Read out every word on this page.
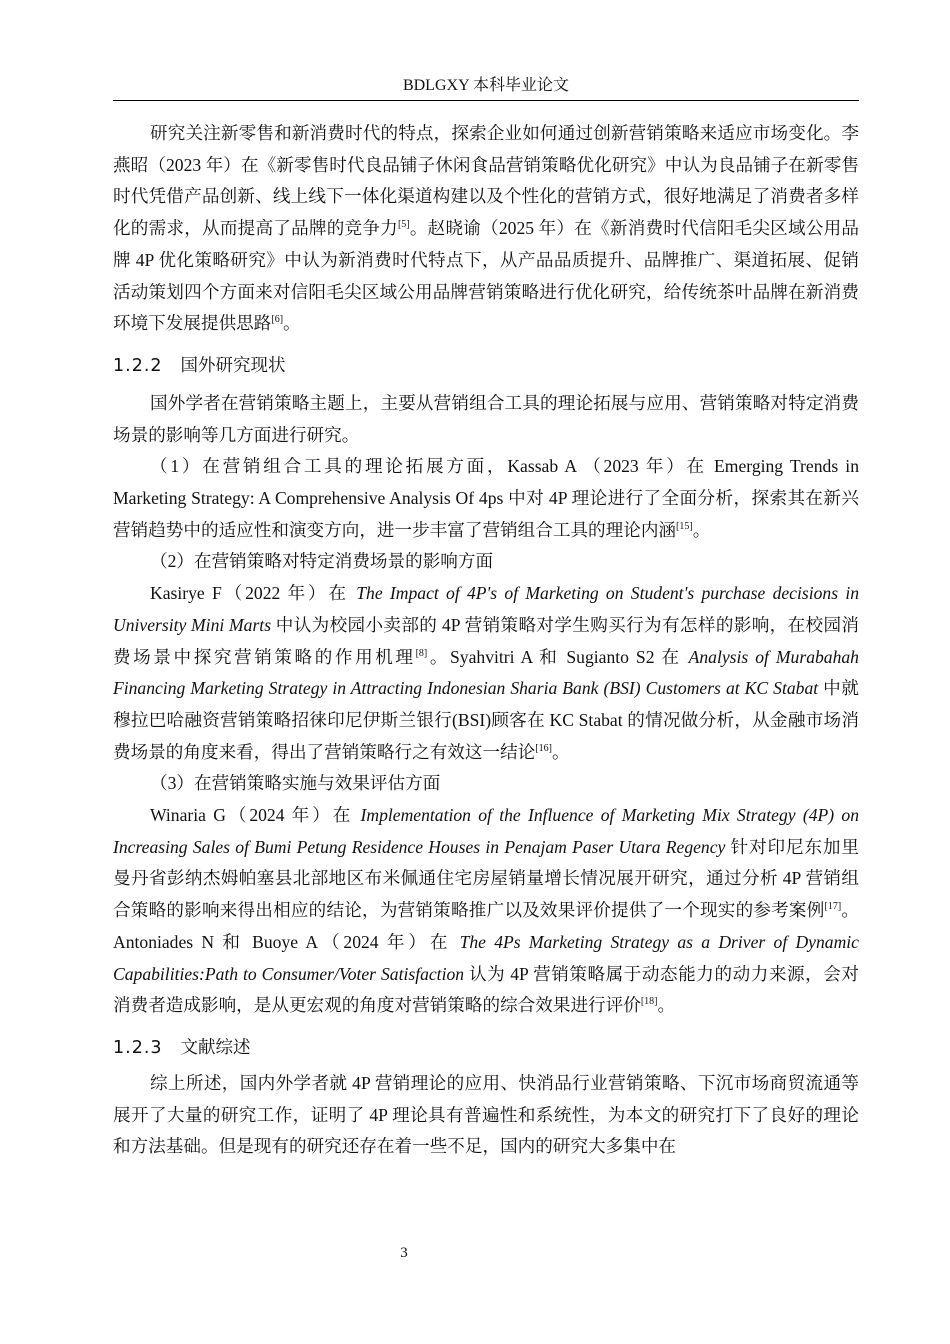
BDLGXY 本科毕业论文

研究关注新零售和新消费时代的特点，探索企业如何通过创新营销策略来适应市场变化。李燕昭（2023 年）在《新零售时代良品铺子休闲食品营销策略优化研究》中认为良品铺子在新零售时代凭借产品创新、线上线下一体化渠道构建以及个性化的营销方式，很好地满足了消费者多样化的需求，从而提高了品牌的竞争力[5]。赵晓谕（2025 年）在《新消费时代信阳毛尖区域公用品牌 4P 优化策略研究》中认为新消费时代特点下，从产品品质提升、品牌推广、渠道拓展、促销活动策划四个方面来对信阳毛尖区域公用品牌营销策略进行优化研究，给传统茶叶品牌在新消费环境下发展提供思路[6]。

1.2.2 国外研究现状

国外学者在营销策略主题上，主要从营销组合工具的理论拓展与应用、营销策略对特定消费场景的影响等几方面进行研究。

（1）在营销组合工具的理论拓展方面，Kassab A （2023 年）在 Emerging Trends in Marketing Strategy: A Comprehensive Analysis Of 4ps 中对 4P 理论进行了全面分析，探索其在新兴营销趋势中的适应性和演变方向，进一步丰富了营销组合工具的理论内涵[15]。

（2）在营销策略对特定消费场景的影响方面

Kasirye F（2022 年）在 The Impact of 4P's of Marketing on Student's purchase decisions in University Mini Marts 中认为校园小卖部的 4P 营销策略对学生购买行为有怎样的影响，在校园消费场景中探究营销策略的作用机理[8]。Syahvitri A 和 Sugianto S2 在 Analysis of Murabahah Financing Marketing Strategy in Attracting Indonesian Sharia Bank (BSI) Customers at KC Stabat 中就穆拉巴哈融资营销策略招徕印尼伊斯兰银行(BSI)顾客在 KC Stabat 的情况做分析，从金融市场消费场景的角度来看，得出了营销策略行之有效这一结论[16]。

（3）在营销策略实施与效果评估方面

Winaria G（2024 年）在 Implementation of the Influence of Marketing Mix Strategy (4P) on Increasing Sales of Bumi Petung Residence Houses in Penajam Paser Utara Regency 针对印尼东加里曼丹省彭纳杰姆帕塞县北部地区布米佩通住宅房屋销量增长情况展开研究，通过分析 4P 营销组合策略的影响来得出相应的结论，为营销策略推广以及效果评价提供了一个现实的参考案例[17]。Antoniades N 和 Buoye A（2024 年）在 The 4Ps Marketing Strategy as a Driver of Dynamic Capabilities:Path to Consumer/Voter Satisfaction 认为 4P 营销策略属于动态能力的动力来源，会对消费者造成影响，是从更宏观的角度对营销策略的综合效果进行评价[18]。

1.2.3 文献综述

综上所述，国内外学者就 4P 营销理论的应用、快消品行业营销策略、下沉市场商贸流通等展开了大量的研究工作，证明了 4P 理论具有普遍性和系统性，为本文的研究打下了良好的理论和方法基础。但是现有的研究还存在着一些不足，国内的研究大多集中在

3
